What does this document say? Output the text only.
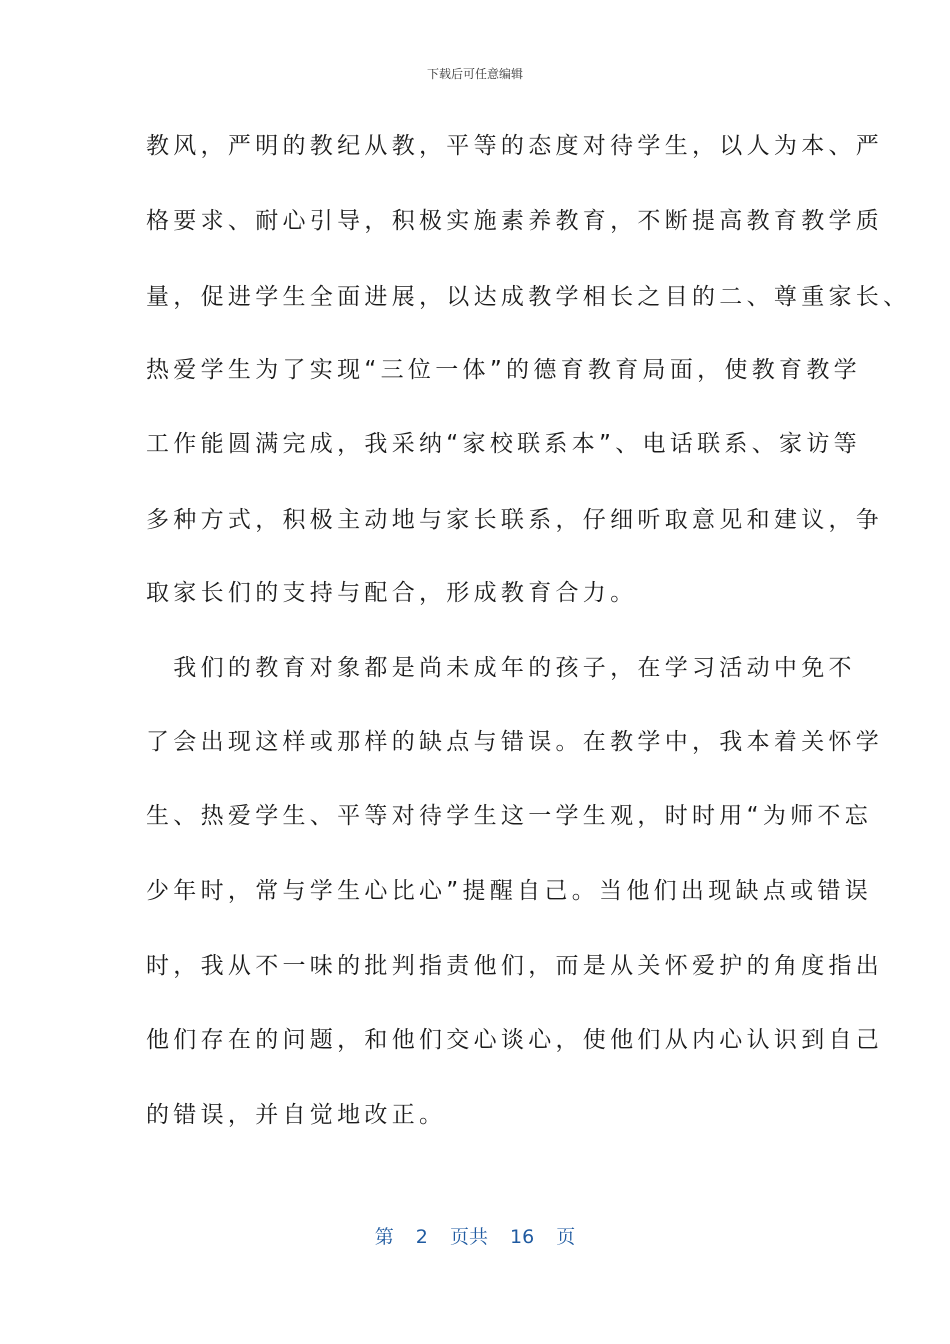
下载后可任意编辑
教风，严明的教纪从教，平等的态度对待学生，以人为本、严
格要求、耐心引导，积极实施素养教育，不断提高教育教学质
量，促进学生全面进展，以达成教学相长之目的二、尊重家长、
热爱学生为了实现“三位一体”的德育教育局面，使教育教学
工作能圆满完成，我采纳“家校联系本”、电话联系、家访等
多种方式，积极主动地与家长联系，仔细听取意见和建议，争
取家长们的支持与配合，形成教育合力。
　我们的教育对象都是尚未成年的孩子，在学习活动中免不
了会出现这样或那样的缺点与错误。在教学中，我本着关怀学
生、热爱学生、平等对待学生这一学生观，时时用“为师不忘
少年时，常与学生心比心”提醒自己。当他们出现缺点或错误
时，我从不一味的批判指责他们，而是从关怀爱护的角度指出
他们存在的问题，和他们交心谈心，使他们从内心认识到自己
的错误，并自觉地改正。
第 2 页共 16 页
